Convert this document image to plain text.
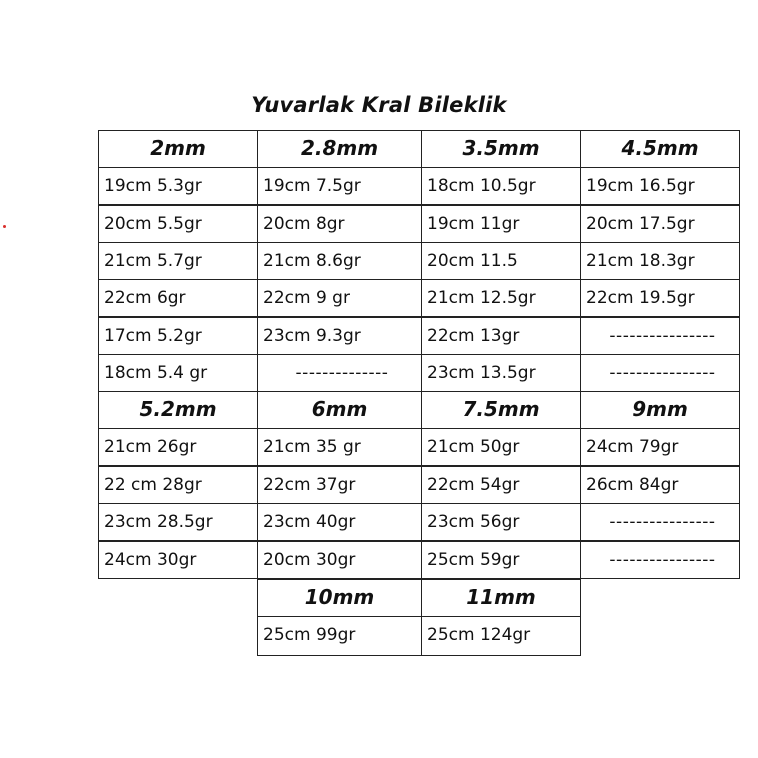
Yuvarlak Kral Bileklik
2mm	2.8mm	3.5mm	4.5mm
19cm 5.3gr	19cm 7.5gr	18cm 10.5gr	19cm 16.5gr
20cm 5.5gr	20cm 8gr	19cm 11gr	20cm 17.5gr
21cm 5.7gr	21cm 8.6gr	20cm 11.5	21cm 18.3gr
22cm 6gr	22cm 9 gr	21cm 12.5gr	22cm 19.5gr
17cm 5.2gr	23cm 9.3gr	22cm 13gr	----------------
18cm 5.4 gr	--------------	23cm 13.5gr	----------------
5.2mm	6mm	7.5mm	9mm
21cm 26gr	21cm 35 gr	21cm 50gr	24cm 79gr
22 cm 28gr	22cm 37gr	22cm 54gr	26cm 84gr
23cm 28.5gr	23cm 40gr	23cm 56gr	----------------
24cm 30gr	20cm 30gr	25cm 59gr	----------------
10mm	11mm
25cm 99gr	25cm 124gr
